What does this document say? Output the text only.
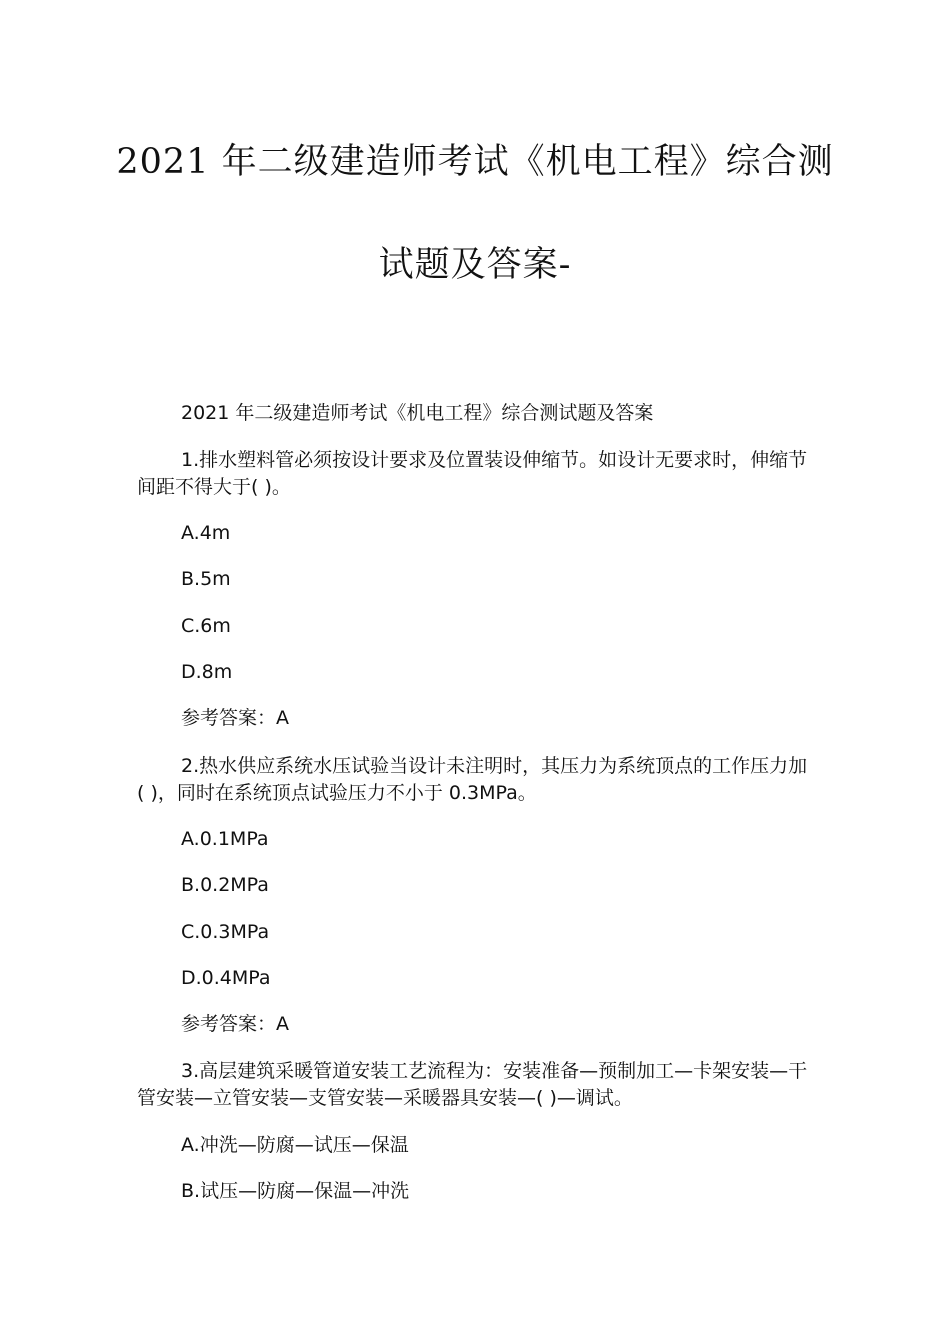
2021 年二级建造师考试《机电工程》综合测
试题及答案-

2021 年二级建造师考试《机电工程》综合测试题及答案

1.排水塑料管必须按设计要求及位置装设伸缩节。如设计无要求时，伸缩节间距不得大于( )。

A.4m

B.5m

C.6m

D.8m

参考答案：A

2.热水供应系统水压试验当设计未注明时，其压力为系统顶点的工作压力加( )，同时在系统顶点试验压力不小于 0.3MPa。

A.0.1MPa

B.0.2MPa

C.0.3MPa

D.0.4MPa

参考答案：A

3.高层建筑采暖管道安装工艺流程为：安装准备—预制加工—卡架安装—干管安装—立管安装—支管安装—采暖器具安装—( )—调试。

A.冲洗—防腐—试压—保温

B.试压—防腐—保温—冲洗
